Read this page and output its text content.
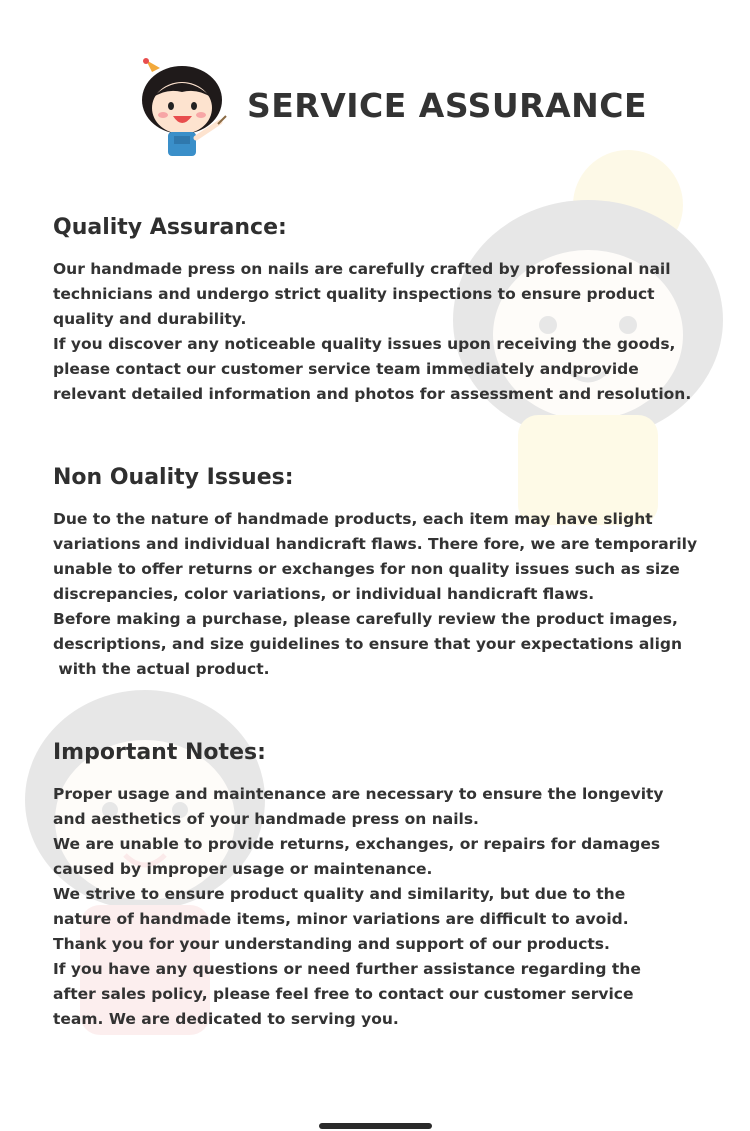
SERVICE ASSURANCE
Quality Assurance:

Our handmade press on nails are carefully crafted by professional nail

technicians and undergo strict quality inspections to ensure product

quality and durability.

If you discover any noticeable quality issues upon receiving the goods,

please contact our customer service team immediately andprovide

relevant detailed information and photos for assessment and resolution.

Non Ouality Issues:

Due to the nature of handmade products, each item may have slight

variations and individual handicraft flaws. There fore, we are temporarily

unable to offer returns or exchanges for non quality issues such as size

discrepancies, color variations, or individual handicraft flaws.

Before making a purchase, please carefully review the product images,

descriptions, and size guidelines to ensure that your expectations align

with the actual product.

Important Notes:

Proper usage and maintenance are necessary to ensure the longevity

and aesthetics of your handmade press on nails.

We are unable to provide returns, exchanges, or repairs for damages

caused by improper usage or maintenance.

We strive to ensure product quality and similarity, but due to the

nature of handmade items, minor variations are difficult to avoid.

Thank you for your understanding and support of our products.

If you have any questions or need further assistance regarding the

after sales policy, please feel free to contact our customer service

team. We are dedicated to serving you.
